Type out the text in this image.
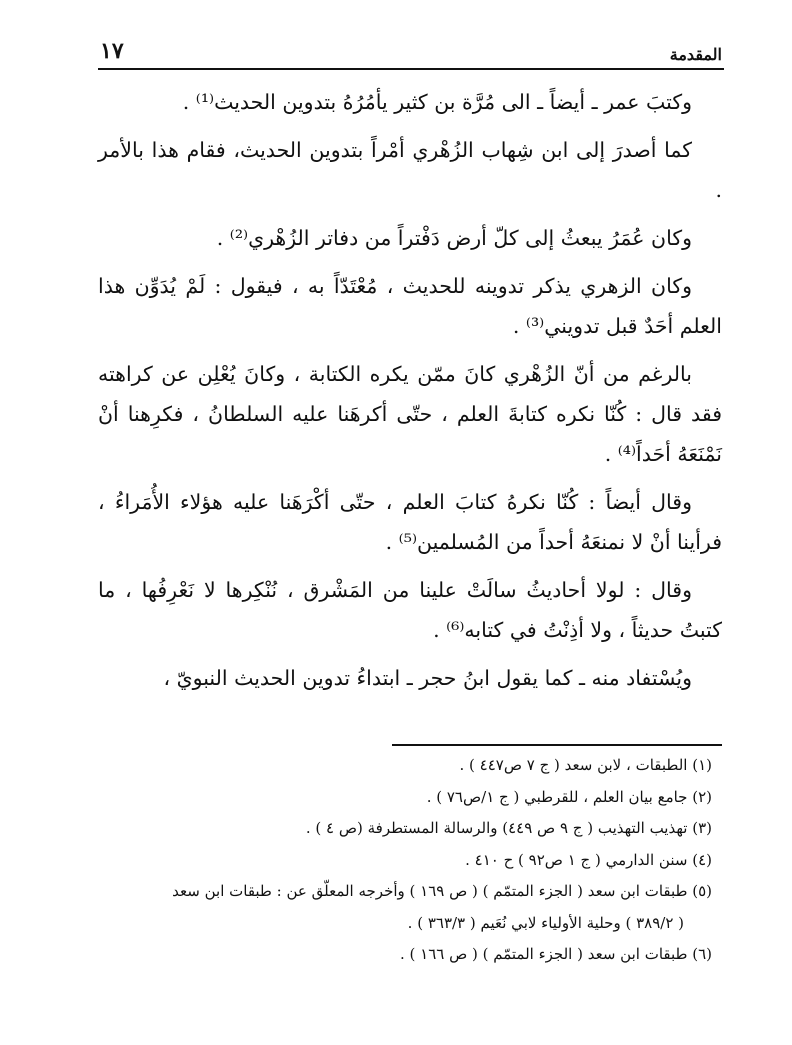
المقدمة
١٧

وكتبَ عمر ـ أيضاً ـ الى مُرَّة بن كثير يأمُرُهُ بتدوين الحديث⁽¹⁾ .

كما أصدرَ إلى ابن شِهاب الزُهْري أمْراً بتدوين الحديث، فقام هذا بالأمر .

وكان عُمَرُ يبعثُ إلى كلّ أرض دَفْتراً من دفاتر الزُهْري⁽²⁾ .

وكان الزهري يذكر تدوينه للحديث ، مُعْتَدّاً به ، فيقول : لَمْ يُدَوِّن هذا العلم أحَدٌ قبل تدويني⁽³⁾ .

بالرغم من أنّ الزُهْري كانَ ممّن يكره الكتابة ، وكانَ يُعْلِن عن كراهته فقد قال : كُنّا نكره كتابةَ العلم ، حتّى أكرهَنا عليه السلطانُ ، فكرِهنا أنْ نَمْنَعَهُ أحَداً⁽⁴⁾ .

وقال أيضاً : كُنّا نكرهُ كتابَ العلم ، حتّى أكْرَهَنا عليه هؤلاء الأُمَراءُ ، فرأينا أنْ لا نمنعَهُ أحداً من المُسلمين⁽⁵⁾ .

وقال : لولا أحاديثُ سالَتْ علينا من المَشْرق ، نُنْكِرها لا نَعْرِفُها ، ما كتبتُ حديثاً ، ولا أذِنْتُ في كتابه⁽⁶⁾ .

ويُسْتفاد منه ـ كما يقول ابنُ حجر ـ ابتداءُ تدوين الحديث النبويّ ،

(١) الطبقات ، لابن سعد ( ج ٧ ص٤٤٧ ) .

(٢) جامع بيان العلم ، للقرطبي ( ج ١/ص٧٦ ) .

(٣) تهذيب التهذيب ( ج ٩ ص ٤٤٩) والرسالة المستطرفة (ص ٤ ) .

(٤) سنن الدارمي ( ج ١ ص٩٢ ) ح ٤١٠ .

(٥) طبقات ابن سعد ( الجزء المتمّم ) ( ص ١٦٩ ) وأخرجه المعلّق عن : طبقات ابن سعد

( ٣٨٩/٢ ) وحلية الأولياء لابي نُعَيم ( ٣٦٣/٣ ) .

(٦) طبقات ابن سعد ( الجزء المتمّم ) ( ص ١٦٦ ) .
